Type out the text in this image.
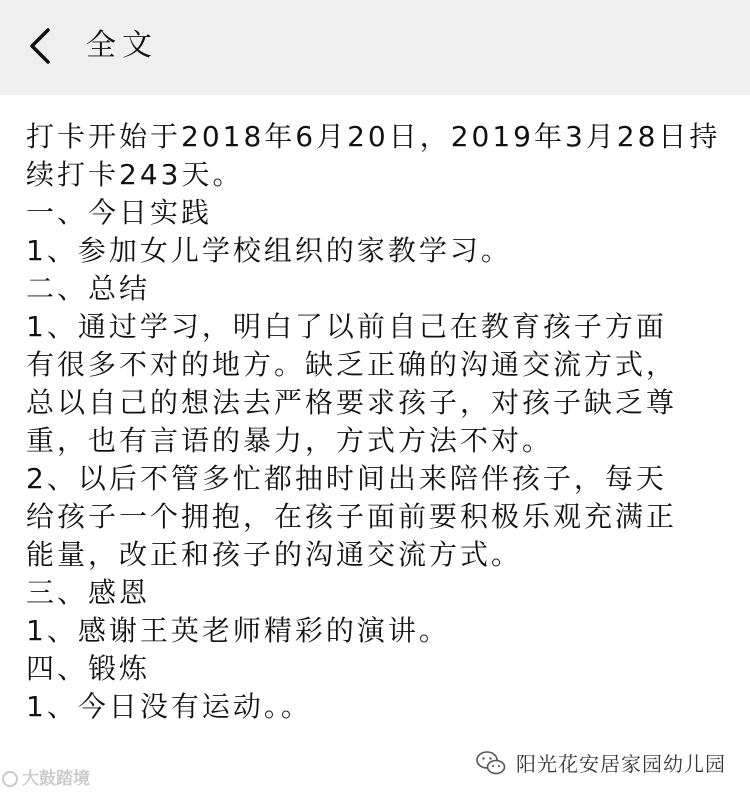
全文
打卡开始于2018年6月20日，2019年3月28日持
续打卡243天。
一、今日实践
1、参加女儿学校组织的家教学习。
二、总结
1、通过学习，明白了以前自己在教育孩子方面
有很多不对的地方。缺乏正确的沟通交流方式，
总以自己的想法去严格要求孩子，对孩子缺乏尊
重，也有言语的暴力，方式方法不对。
2、以后不管多忙都抽时间出来陪伴孩子，每天
给孩子一个拥抱，在孩子面前要积极乐观充满正
能量，改正和孩子的沟通交流方式。
三、感恩
1、感谢王英老师精彩的演讲。
四、锻炼
1、今日没有运动。。
大鼓踏境
阳光花安居家园幼儿园
